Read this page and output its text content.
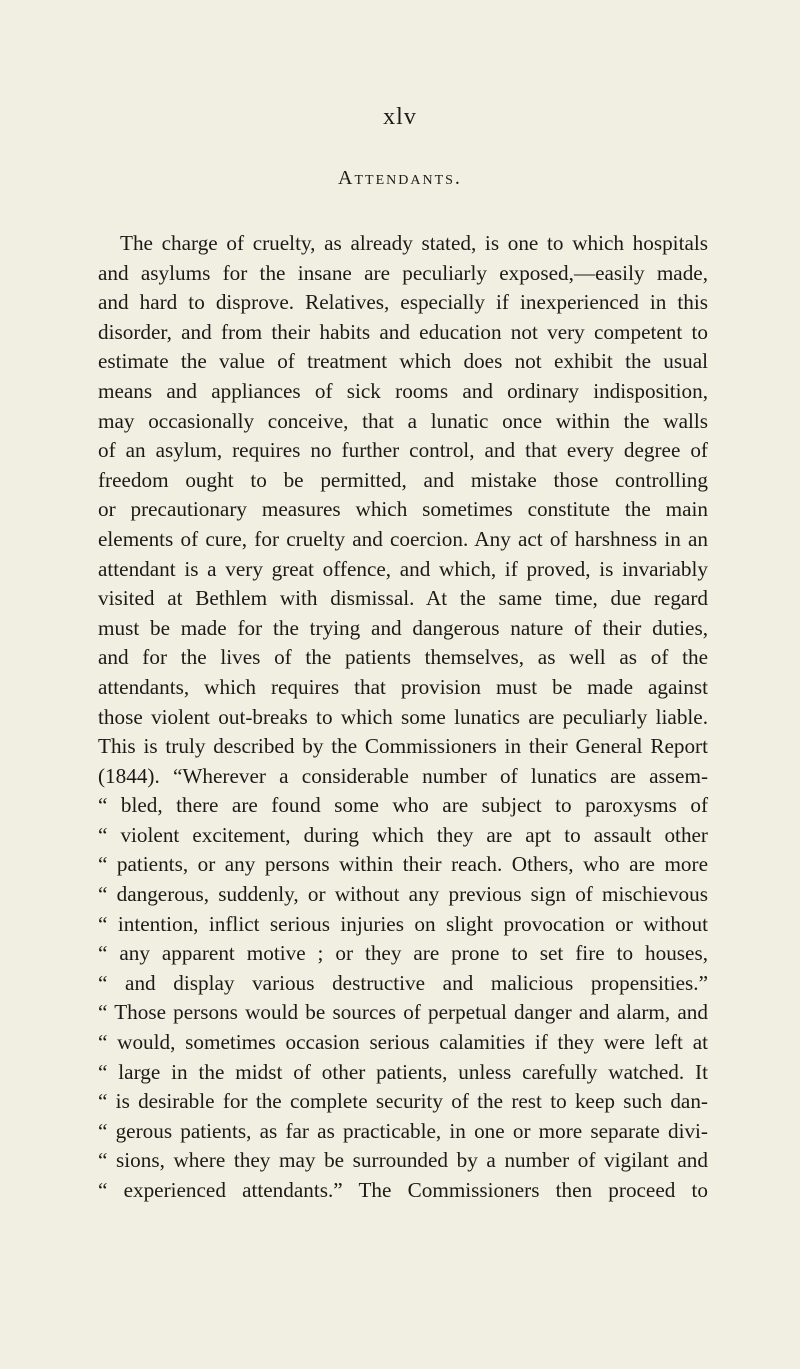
xlv
Attendants.
The charge of cruelty, as already stated, is one to which hospitals
and asylums for the insane are peculiarly exposed,—easily made,
and hard to disprove. Relatives, especially if inexperienced in this
disorder, and from their habits and education not very competent to
estimate the value of treatment which does not exhibit the usual
means and appliances of sick rooms and ordinary indisposition,
may occasionally conceive, that a lunatic once within the walls
of an asylum, requires no further control, and that every degree of
freedom ought to be permitted, and mistake those controlling
or precautionary measures which sometimes constitute the main
elements of cure, for cruelty and coercion. Any act of harshness in an
attendant is a very great offence, and which, if proved, is invariably
visited at Bethlem with dismissal. At the same time, due regard
must be made for the trying and dangerous nature of their duties,
and for the lives of the patients themselves, as well as of the
attendants, which requires that provision must be made against
those violent out-breaks to which some lunatics are peculiarly liable.
This is truly described by the Commissioners in their General Report
(1844). “Wherever a considerable number of lunatics are assem-
“ bled, there are found some who are subject to paroxysms of
“ violent excitement, during which they are apt to assault other
“ patients, or any persons within their reach. Others, who are more
“ dangerous, suddenly, or without any previous sign of mischievous
“ intention, inflict serious injuries on slight provocation or without
“ any apparent motive ; or they are prone to set fire to houses,
“ and display various destructive and malicious propensities.”
“ Those persons would be sources of perpetual danger and alarm, and
“ would, sometimes occasion serious calamities if they were left at
“ large in the midst of other patients, unless carefully watched. It
“ is desirable for the complete security of the rest to keep such dan-
“ gerous patients, as far as practicable, in one or more separate divi-
“ sions, where they may be surrounded by a number of vigilant and
“ experienced attendants.” The Commissioners then proceed to
